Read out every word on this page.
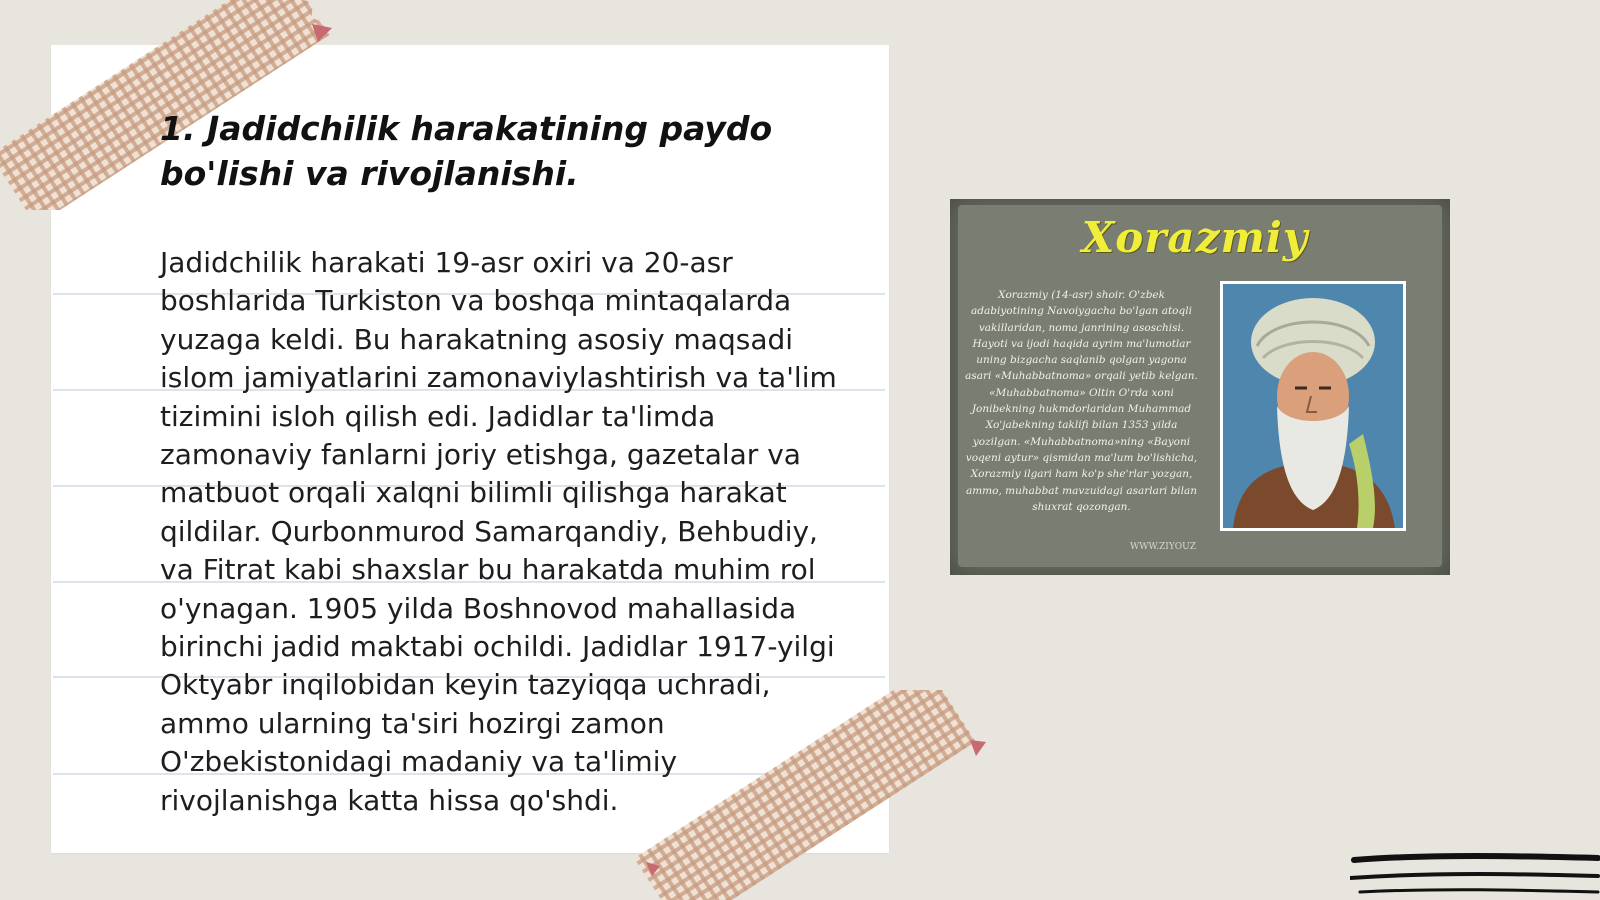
1. Jadidchilik harakatining paydo bo'lishi va rivojlanishi.

Jadidchilik harakati 19-asr oxiri va 20-asr boshlarida Turkiston va boshqa mintaqalarda yuzaga keldi. Bu harakatning asosiy maqsadi islom jamiyatlarini zamonaviylashtirish va ta'lim tizimini isloh qilish edi. Jadidlar ta'limda zamonaviy fanlarni joriy etishga, gazetalar va matbuot orqali xalqni bilimli qilishga harakat qildilar. Qurbonmurod Samarqandiy, Behbudiy, va Fitrat kabi shaxslar bu harakatda muhim rol o'ynagan. 1905 yilda Boshnovod mahallasida birinchi jadid maktabi ochildi. Jadidlar 1917-yilgi Oktyabr inqilobidan keyin tazyiqqa uchradi, ammo ularning ta'siri hozirgi zamon O'zbekistonidagi madaniy va ta'limiy rivojlanishga katta hissa qo'shdi.

Xorazmiy

Xorazmiy (14-asr) shoir. O'zbek adabiyotining Navoiygacha bo'lgan atoqli vakillaridan, noma janrining asoschisi. Hayoti va ijodi haqida ayrim ma'lumotlar uning bizgacha saqlanib qolgan yagona asari «Muhabbatnoma» orqali yetib kelgan. «Muhabbatnoma» Oltin O'rda xoni Jonibekning hukmdorlaridan Muhammad Xo'jabekning taklifi bilan 1353 yilda yozilgan. «Muhabbatnoma»ning «Bayoni voqeni aytur» qismidan ma'lum bo'lishicha, Xorazmiy ilgari ham ko'p she'rlar yozgan, ammo, muhabbat mavzuidagi asarlari bilan shuxrat qozongan.

WWW.ZIYOUZ
